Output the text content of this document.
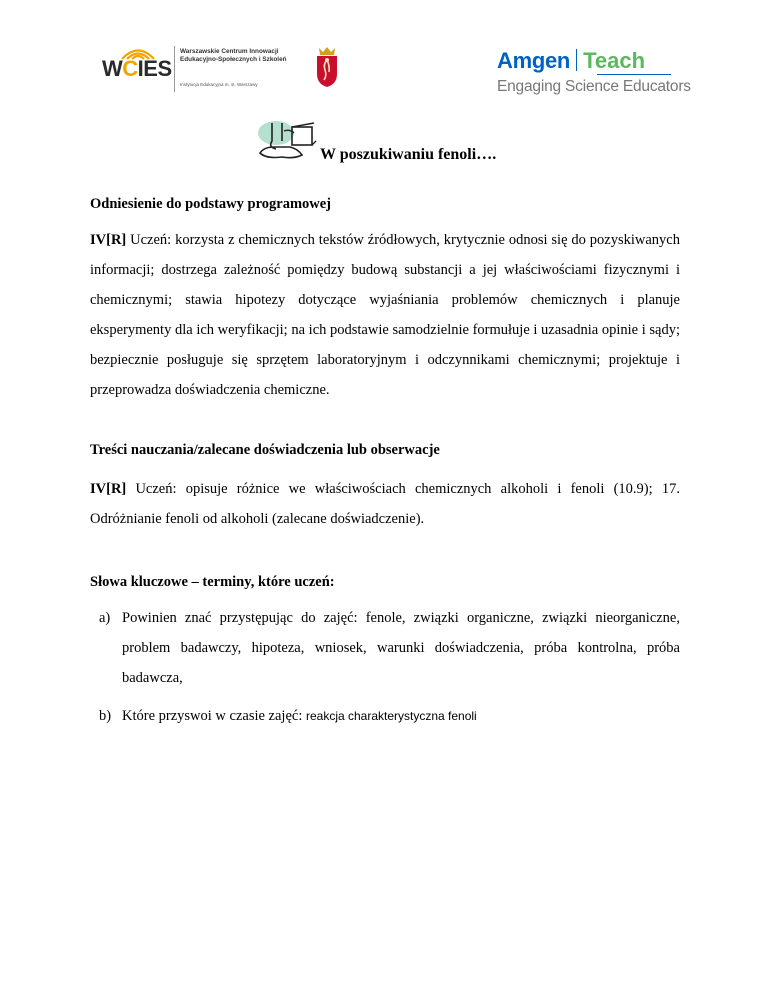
WCIES
Warszawskie Centrum Innowacji
Edukacyjno-Społecznych i Szkoleń
Instytucja Edukacyjna m. st. Warszawy
Amgen Teach
Engaging Science Educators
W poszukiwaniu fenoli….
Odniesienie do podstawy programowej

IV[R] Uczeń: korzysta z chemicznych tekstów źródłowych, krytycznie odnosi się do pozyskiwanych informacji; dostrzega zależność pomiędzy budową substancji a jej właściwościami fizycznymi i chemicznymi; stawia hipotezy dotyczące wyjaśniania problemów chemicznych i planuje eksperymenty dla ich weryfikacji; na ich podstawie samodzielnie formułuje i uzasadnia opinie i sądy; bezpiecznie posługuje się sprzętem laboratoryjnym i odczynnikami chemicznymi; projektuje i przeprowadza doświadczenia chemiczne.

Treści nauczania/zalecane doświadczenia lub obserwacje

IV[R] Uczeń: opisuje różnice we właściwościach chemicznych alkoholi i fenoli (10.9); 17. Odróżnianie fenoli od alkoholi (zalecane doświadczenie).

Słowa kluczowe – terminy, które uczeń:
a) Powinien znać przystępując do zajęć: fenole, związki organiczne, związki nieorganiczne, problem badawczy, hipoteza, wniosek, warunki doświadczenia, próba kontrolna, próba badawcza,
b) Które przyswoi w czasie zajęć: reakcja charakterystyczna fenoli
